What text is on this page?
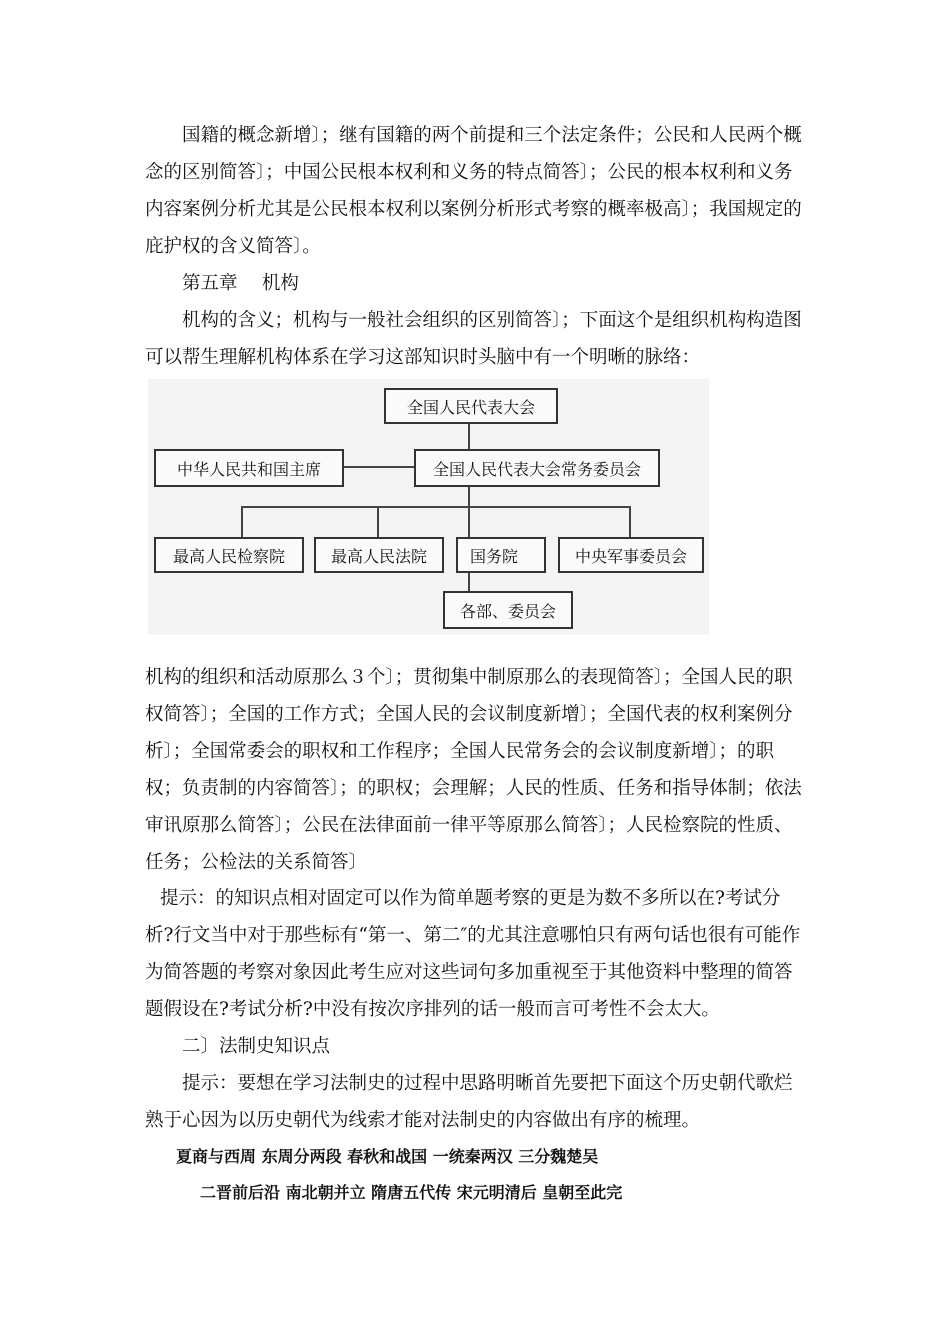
国籍的概念新增〕；继有国籍的两个前提和三个法定条件；公民和人民两个概念的区别简答〕；中国公民根本权利和义务的特点简答〕；公民的根本权利和义务内容案例分析尤其是公民根本权利以案例分析形式考察的概率极高〕；我国规定的庇护权的含义简答〕。

第五章　 机构

机构的含义；机构与一般社会组织的区别简答〕；下面这个是组织机构构造图可以帮生理解机构体系在学习这部知识时头脑中有一个明晰的脉络：

全国人民代表大会
中华人民共和国主席	全国人民代表大会常务委员会
最高人民检察院	最高人民法院	国务院	中央军事委员会
各部、委员会

机构的组织和活动原那么３个〕；贯彻集中制原那么的表现简答〕；全国人民的职权简答〕；全国的工作方式；全国人民的会议制度新增〕；全国代表的权利案例分析〕；全国常委会的职权和工作程序；全国人民常务会的会议制度新增〕；的职权；负责制的内容简答〕；的职权；会理解；人民的性质、任务和指导体制；依法审讯原那么简答〕；公民在法律面前一律平等原那么简答〕；人民检察院的性质、任务；公检法的关系简答〕

提示：的知识点相对固定可以作为简单题考察的更是为数不多所以在?考试分析?行文当中对于那些标有“第一、第二″的尤其注意哪怕只有两句话也很有可能作为简答题的考察对象因此考生应对这些词句多加重视至于其他资料中整理的简答题假设在?考试分析?中没有按次序排列的话一般而言可考性不会太大。

二〕法制史知识点

提示：要想在学习法制史的过程中思路明晰首先要把下面这个历史朝代歌烂熟于心因为以历史朝代为线索才能对法制史的内容做出有序的梳理。

夏商与西周 东周分两段 春秋和战国 一统秦两汉 三分魏楚吴
二晋前后沿 南北朝并立 隋唐五代传 宋元明清后 皇朝至此完
